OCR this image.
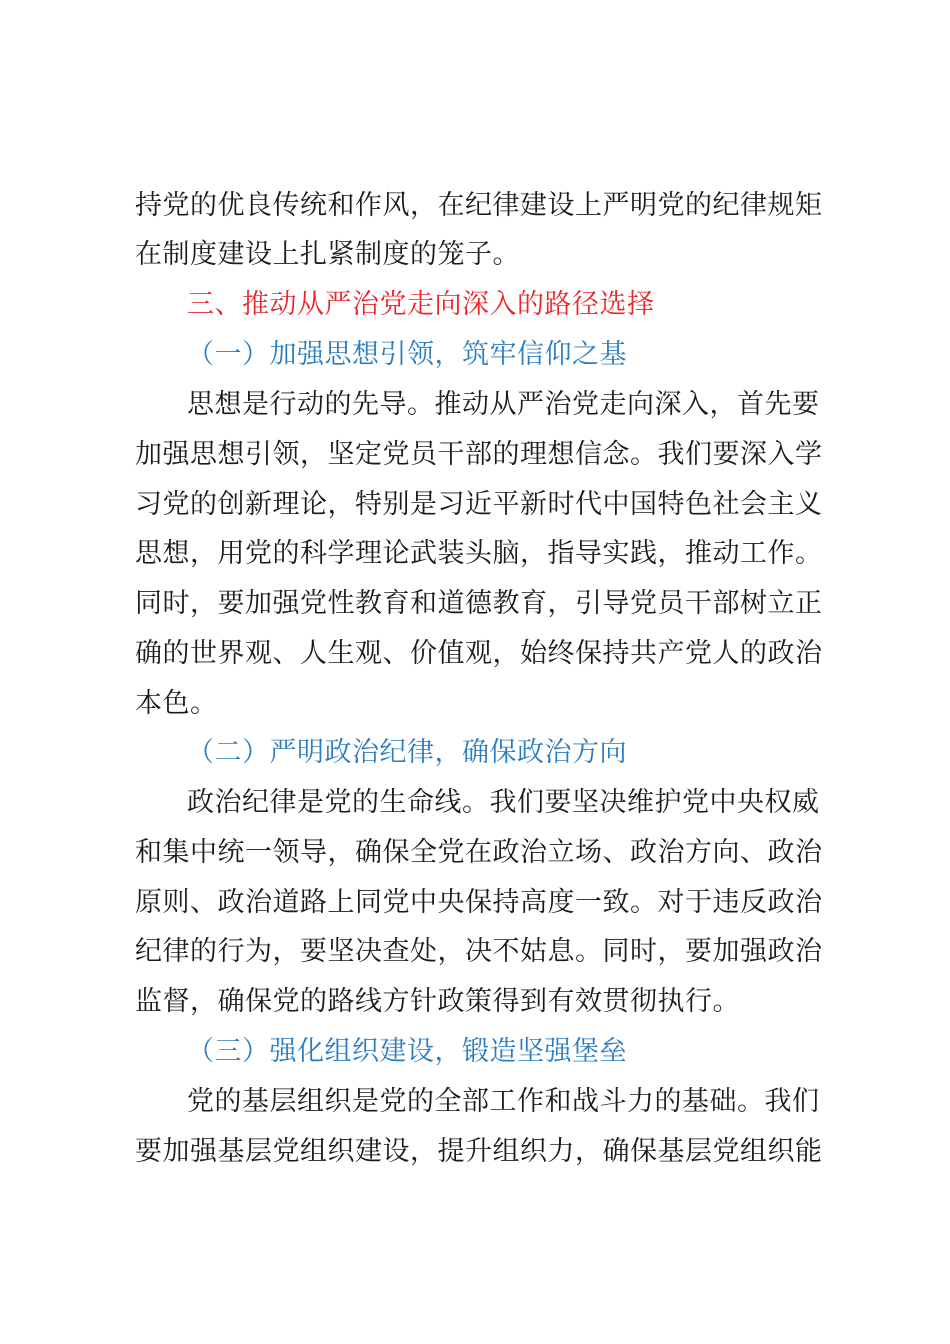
持党的优良传统和作风，在纪律建设上严明党的纪律规矩
在制度建设上扎紧制度的笼子。
三、推动从严治党走向深入的路径选择
（一）加强思想引领，筑牢信仰之基
思想是行动的先导。推动从严治党走向深入，首先要
加强思想引领，坚定党员干部的理想信念。我们要深入学
习党的创新理论，特别是习近平新时代中国特色社会主义
思想，用党的科学理论武装头脑，指导实践，推动工作。
同时，要加强党性教育和道德教育，引导党员干部树立正
确的世界观、人生观、价值观，始终保持共产党人的政治
本色。
（二）严明政治纪律，确保政治方向
政治纪律是党的生命线。我们要坚决维护党中央权威
和集中统一领导，确保全党在政治立场、政治方向、政治
原则、政治道路上同党中央保持高度一致。对于违反政治
纪律的行为，要坚决查处，决不姑息。同时，要加强政治
监督，确保党的路线方针政策得到有效贯彻执行。
（三）强化组织建设，锻造坚强堡垒
党的基层组织是党的全部工作和战斗力的基础。我们
要加强基层党组织建设，提升组织力，确保基层党组织能
